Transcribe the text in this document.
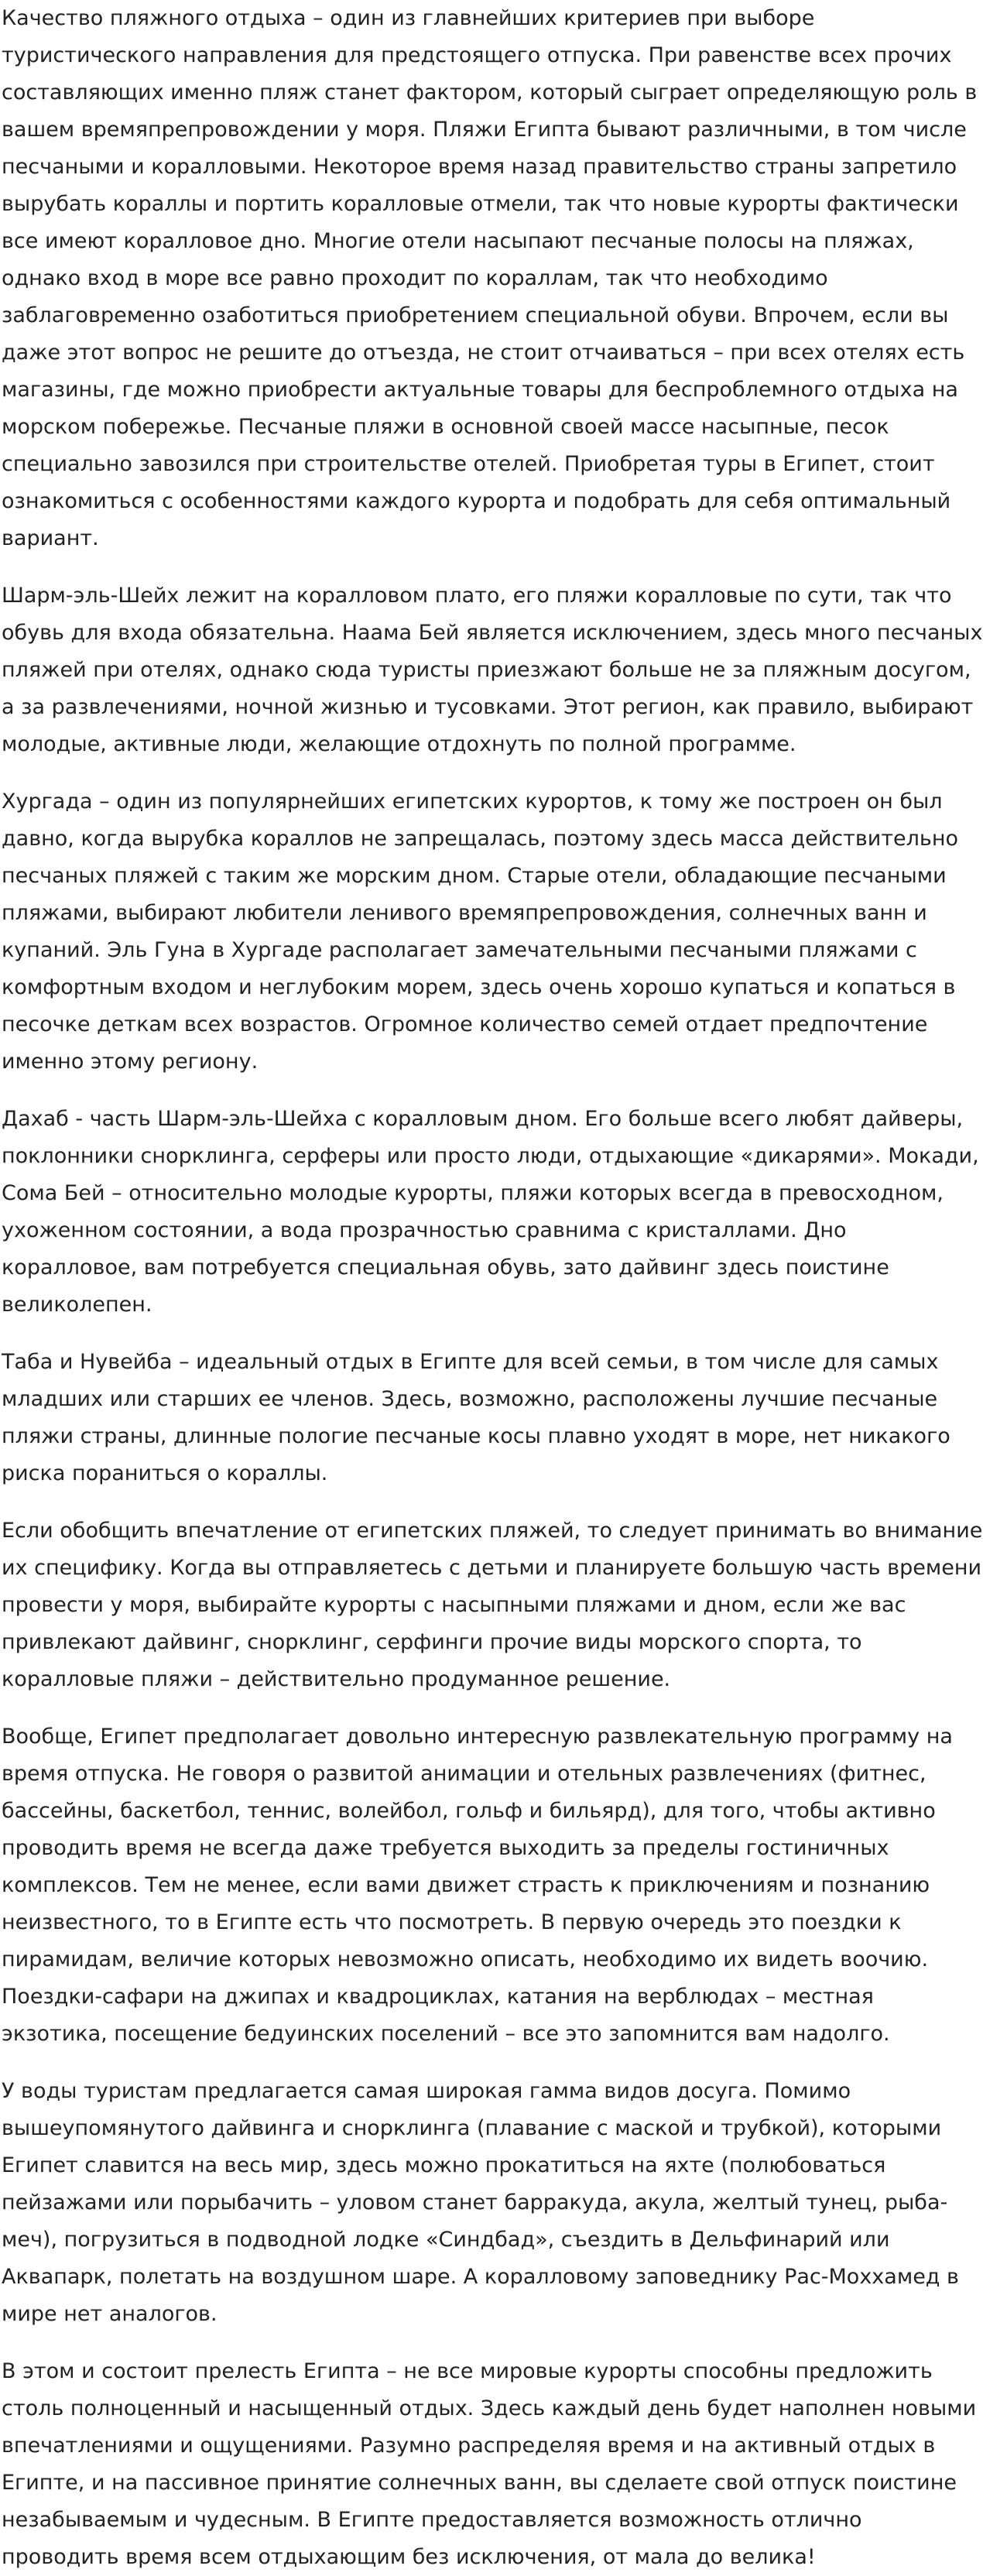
Качество пляжного отдыха – один из главнейших критериев при выборе туристического направления для предстоящего отпуска. При равенстве всех прочих составляющих именно пляж станет фактором, который сыграет определяющую роль в вашем времяпрепровождении у моря. Пляжи Египта бывают различными, в том числе песчаными и коралловыми. Некоторое время назад правительство страны запретило вырубать кораллы и портить коралловые отмели, так что новые курорты фактически все имеют коралловое дно. Многие отели насыпают песчаные полосы на пляжах, однако вход в море все равно проходит по кораллам, так что необходимо заблаговременно озаботиться приобретением специальной обуви. Впрочем, если вы даже этот вопрос не решите до отъезда, не стоит отчаиваться – при всех отелях есть магазины, где можно приобрести актуальные товары для беспроблемного отдыха на морском побережье. Песчаные пляжи в основной своей массе насыпные, песок специально завозился при строительстве отелей. Приобретая туры в Египет, стоит ознакомиться с особенностями каждого курорта и подобрать для себя оптимальный вариант.

Шарм-эль-Шейх лежит на коралловом плато, его пляжи коралловые по сути, так что обувь для входа обязательна. Наама Бей является исключением, здесь много песчаных пляжей при отелях, однако сюда туристы приезжают больше не за пляжным досугом, а за развлечениями, ночной жизнью и тусовками. Этот регион, как правило, выбирают молодые, активные люди, желающие отдохнуть по полной программе.

Хургада – один из популярнейших египетских курортов, к тому же построен он был давно, когда вырубка кораллов не запрещалась, поэтому здесь масса действительно песчаных пляжей с таким же морским дном. Старые отели, обладающие песчаными пляжами, выбирают любители ленивого времяпрепровождения, солнечных ванн и купаний. Эль Гуна в Хургаде располагает замечательными песчаными пляжами с комфортным входом и неглубоким морем, здесь очень хорошо купаться и копаться в песочке деткам всех возрастов. Огромное количество семей отдает предпочтение именно этому региону.

Дахаб - часть Шарм-эль-Шейха с коралловым дном. Его больше всего любят дайверы, поклонники снорклинга, серферы или просто люди, отдыхающие «дикарями». Мокади, Сома Бей – относительно молодые курорты, пляжи которых всегда в превосходном, ухоженном состоянии, а вода прозрачностью сравнима с кристаллами. Дно коралловое, вам потребуется специальная обувь, зато дайвинг здесь поистине великолепен.

Таба и Нувейба – идеальный отдых в Египте для всей семьи, в том числе для самых младших или старших ее членов. Здесь, возможно, расположены лучшие песчаные пляжи страны, длинные пологие песчаные косы плавно уходят в море, нет никакого риска пораниться о кораллы.

Если обобщить впечатление от египетских пляжей, то следует принимать во внимание их специфику. Когда вы отправляетесь с детьми и планируете большую часть времени провести у моря, выбирайте курорты с насыпными пляжами и дном, если же вас привлекают дайвинг, снорклинг, серфинги прочие виды морского спорта, то коралловые пляжи – действительно продуманное решение.

Вообще, Египет предполагает довольно интересную развлекательную программу на время отпуска. Не говоря о развитой анимации и отельных развлечениях (фитнес, бассейны, баскетбол, теннис, волейбол, гольф и бильярд), для того, чтобы активно проводить время не всегда даже требуется выходить за пределы гостиничных комплексов. Тем не менее, если вами движет страсть к приключениям и познанию неизвестного, то в Египте есть что посмотреть. В первую очередь это поездки к пирамидам, величие которых невозможно описать, необходимо их видеть воочию. Поездки-сафари на джипах и квадроциклах, катания на верблюдах – местная экзотика, посещение бедуинских поселений – все это запомнится вам надолго.

У воды туристам предлагается самая широкая гамма видов досуга. Помимо вышеупомянутого дайвинга и снорклинга (плавание с маской и трубкой), которыми Египет славится на весь мир, здесь можно прокатиться на яхте (полюбоваться пейзажами или порыбачить – уловом станет барракуда, акула, желтый тунец, рыба-меч), погрузиться в подводной лодке «Синдбад», съездить в Дельфинарий или Аквапарк, полетать на воздушном шаре. А коралловому заповеднику Рас-Моххамед в мире нет аналогов.

В этом и состоит прелесть Египта – не все мировые курорты способны предложить столь полноценный и насыщенный отдых. Здесь каждый день будет наполнен новыми впечатлениями и ощущениями. Разумно распределяя время и на активный отдых в Египте, и на пассивное принятие солнечных ванн, вы сделаете свой отпуск поистине незабываемым и чудесным. В Египте предоставляется возможность отлично проводить время всем отдыхающим без исключения, от мала до велика!
